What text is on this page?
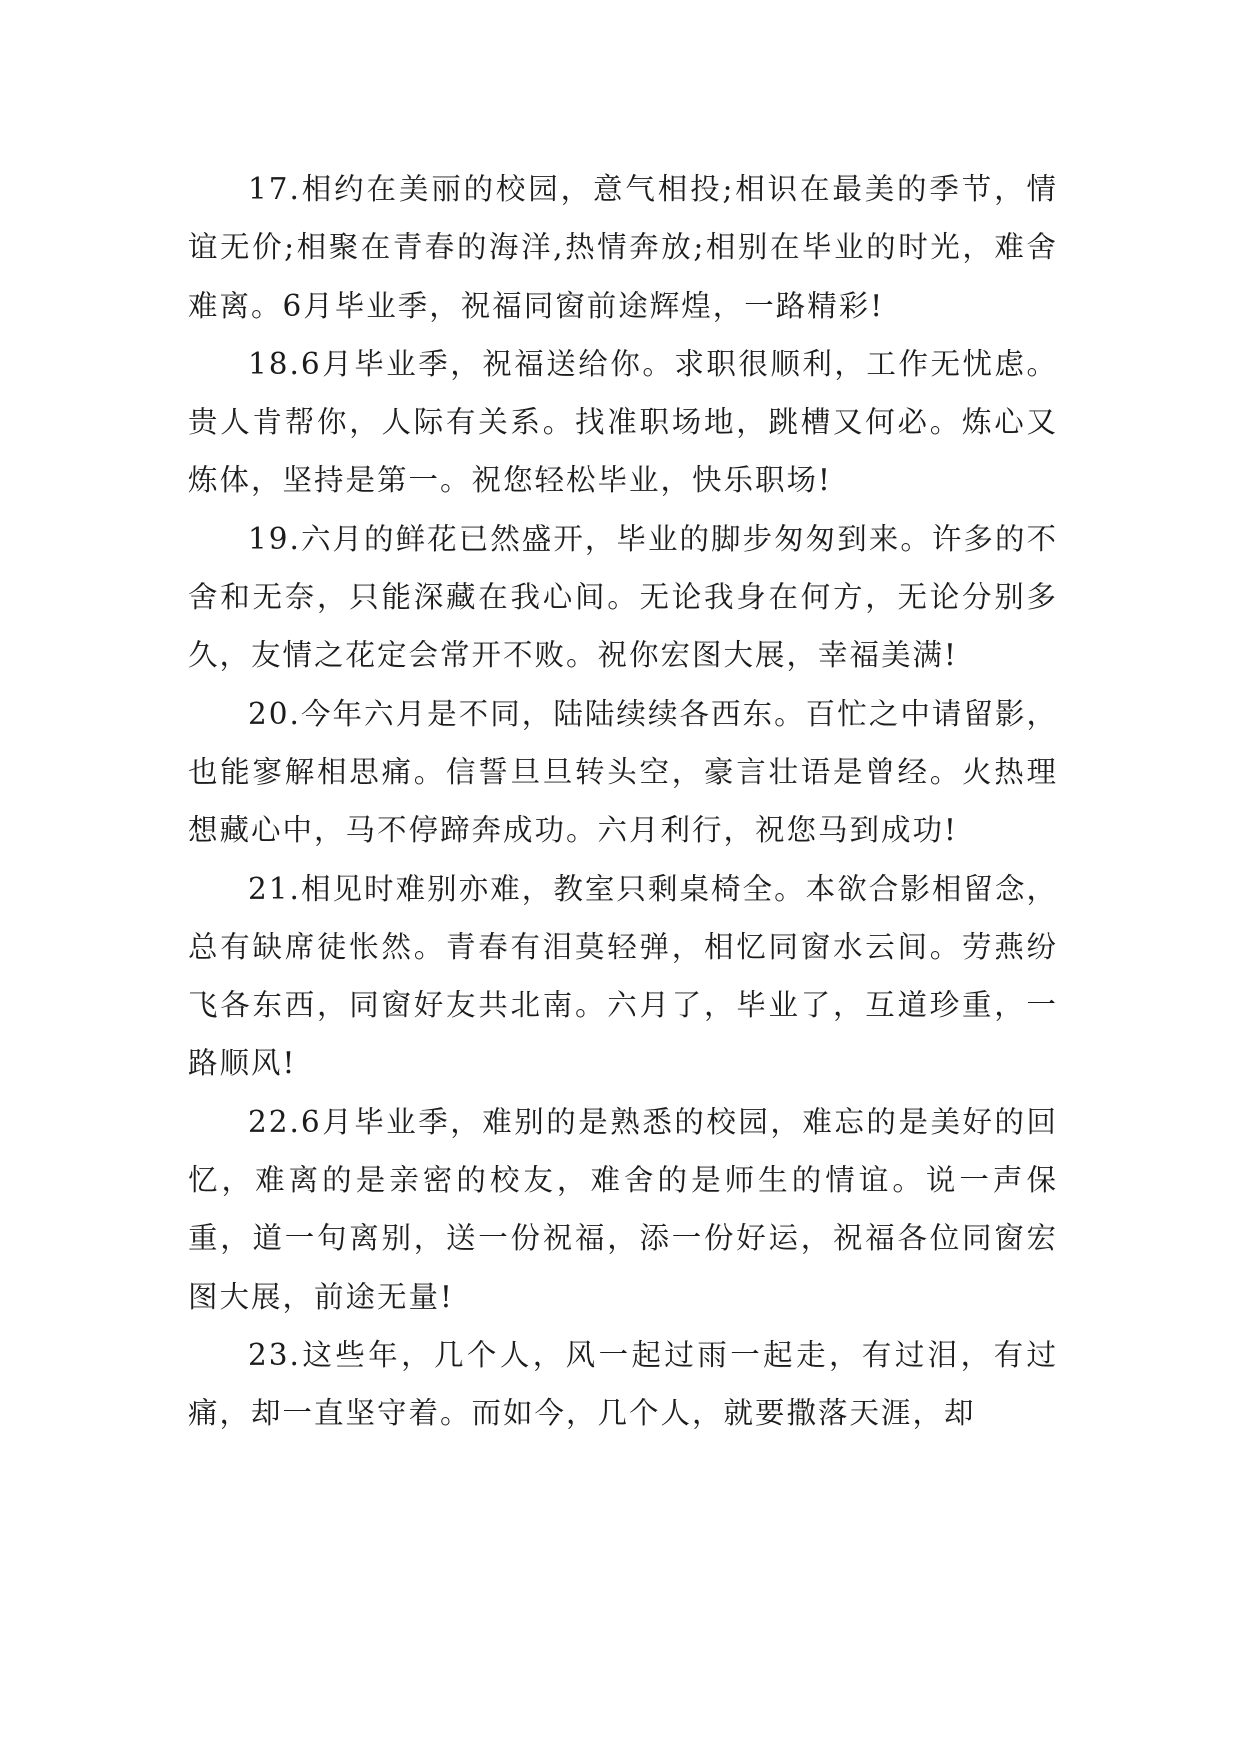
17.相约在美丽的校园，意气相投;相识在最美的季节，情谊无价;相聚在青春的海洋,热情奔放;相别在毕业的时光，难舍难离。6月毕业季，祝福同窗前途辉煌，一路精彩!

18.6月毕业季，祝福送给你。求职很顺利，工作无忧虑。贵人肯帮你，人际有关系。找准职场地，跳槽又何必。炼心又炼体，坚持是第一。祝您轻松毕业，快乐职场!

19.六月的鲜花已然盛开，毕业的脚步匆匆到来。许多的不舍和无奈，只能深藏在我心间。无论我身在何方，无论分别多久，友情之花定会常开不败。祝你宏图大展，幸福美满!

20.今年六月是不同，陆陆续续各西东。百忙之中请留影，也能寥解相思痛。信誓旦旦转头空，豪言壮语是曾经。火热理想藏心中，马不停蹄奔成功。六月利行，祝您马到成功!

21.相见时难别亦难，教室只剩桌椅全。本欲合影相留念，总有缺席徒怅然。青春有泪莫轻弹，相忆同窗水云间。劳燕纷飞各东西，同窗好友共北南。六月了，毕业了，互道珍重，一路顺风!

22.6月毕业季，难别的是熟悉的校园，难忘的是美好的回忆，难离的是亲密的校友，难舍的是师生的情谊。说一声保重，道一句离别，送一份祝福，添一份好运，祝福各位同窗宏图大展，前途无量!

23.这些年，几个人，风一起过雨一起走，有过泪，有过痛，却一直坚守着。而如今，几个人，就要撒落天涯，却
